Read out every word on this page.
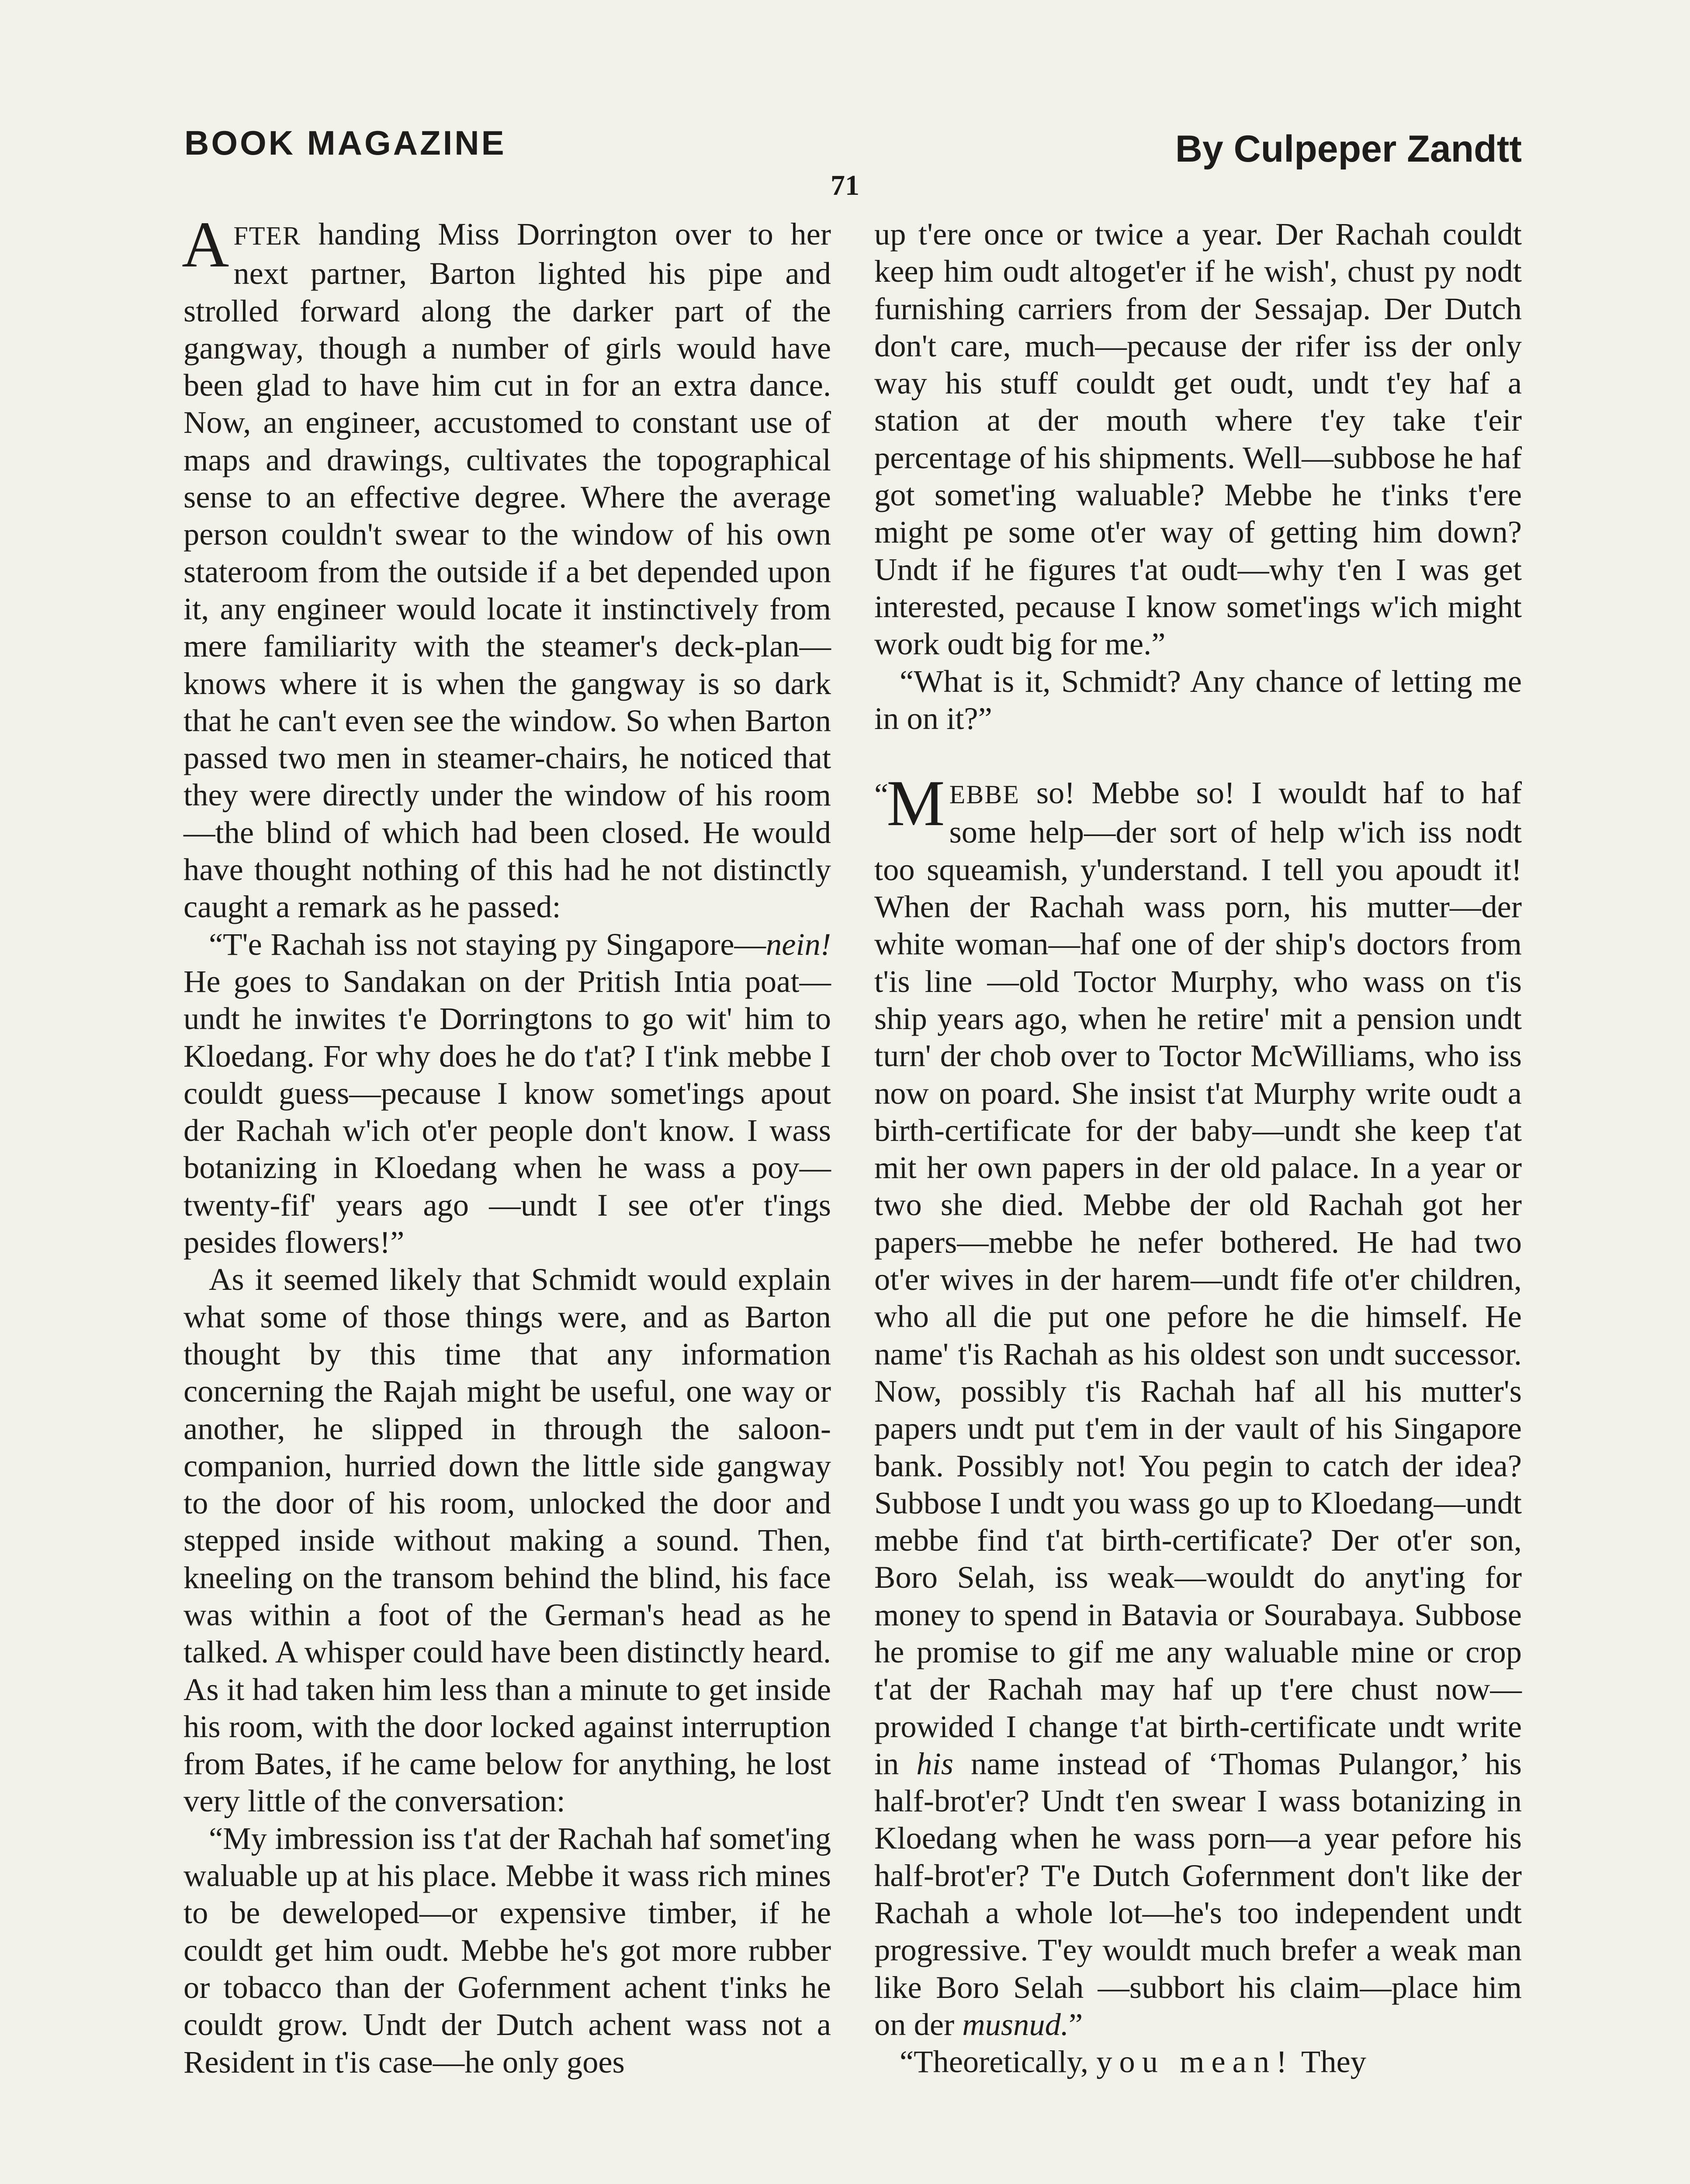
BOOK MAGAZINE	By Culpeper Zandtt
71

AFTER handing Miss Dorrington over to her next partner, Barton lighted his pipe and strolled forward along the darker part of the gangway, though a number of girls would have been glad to have him cut in for an extra dance. Now, an engineer, accustomed to constant use of maps and drawings, cultivates the topographical sense to an effective degree. Where the average person couldn't swear to the window of his own stateroom from the outside if a bet depended upon it, any engineer would locate it instinctively from mere familiarity with the steamer's deck-plan—knows where it is when the gangway is so dark that he can't even see the window. So when Barton passed two men in steamer-chairs, he noticed that they were directly under the window of his room —the blind of which had been closed. He would have thought nothing of this had he not distinctly caught a remark as he passed:

“T'e Rachah iss not staying py Singapore—nein! He goes to Sandakan on der Pritish Intia poat—undt he inwites t'e Dorringtons to go wit' him to Kloedang. For why does he do t'at? I t'ink mebbe I couldt guess—pecause I know somet'ings apout der Rachah w'ich ot'er people don't know. I wass botanizing in Kloedang when he wass a poy—twenty-fif' years ago —undt I see ot'er t'ings pesides flowers!”

As it seemed likely that Schmidt would explain what some of those things were, and as Barton thought by this time that any information concerning the Rajah might be useful, one way or another, he slipped in through the saloon-companion, hurried down the little side gangway to the door of his room, unlocked the door and stepped inside without making a sound. Then, kneeling on the transom behind the blind, his face was within a foot of the German's head as he talked. A whisper could have been distinctly heard. As it had taken him less than a minute to get inside his room, with the door locked against interruption from Bates, if he came below for anything, he lost very little of the conversation:

“My imbression iss t'at der Rachah haf somet'ing waluable up at his place. Mebbe it wass rich mines to be deweloped—or expensive timber, if he couldt get him oudt. Mebbe he's got more rubber or tobacco than der Gofernment achent t'inks he couldt grow. Undt der Dutch achent wass not a Resident in t'is case—he only goes

up t'ere once or twice a year. Der Rachah couldt keep him oudt altoget'er if he wish', chust py nodt furnishing carriers from der Sessajap. Der Dutch don't care, much—pecause der rifer iss der only way his stuff couldt get oudt, undt t'ey haf a station at der mouth where t'ey take t'eir percentage of his shipments. Well—subbose he haf got somet'ing waluable? Mebbe he t'inks t'ere might pe some ot'er way of getting him down? Undt if he figures t'at oudt—why t'en I was get interested, pecause I know somet'ings w'ich might work oudt big for me.”

“What is it, Schmidt? Any chance of letting me in on it?”

“
M EBBE so! Mebbe so! I wouldt haf to haf some help—der sort of help w'ich iss nodt too squeamish, y'understand. I tell you apoudt it! When der Rachah wass porn, his mutter—der white woman—haf one of der ship's doctors from t'is line —old Toctor Murphy, who wass on t'is ship years ago, when he retire' mit a pension undt turn' der chob over to Toctor McWilliams, who iss now on poard. She insist t'at Murphy write oudt a birth-certificate for der baby—undt she keep t'at mit her own papers in der old palace. In a year or two she died. Mebbe der old Rachah got her papers—mebbe he nefer bothered. He had two ot'er wives in der harem—undt fife ot'er children, who all die put one pefore he die himself. He name' t'is Rachah as his oldest son undt successor. Now, possibly t'is Rachah haf all his mutter's papers undt put t'em in der vault of his Singapore bank. Possibly not! You pegin to catch der idea? Subbose I undt you wass go up to Kloedang—undt mebbe find t'at birth-certificate? Der ot'er son, Boro Selah, iss weak—wouldt do anyt'ing for money to spend in Batavia or Sourabaya. Subbose he promise to gif me any waluable mine or crop t'at der Rachah may haf up t'ere chust now—prowided I change t'at birth-certificate undt write in his name instead of ‘Thomas Pulangor,’ his half-brot'er? Undt t'en swear I wass botanizing in Kloedang when he wass porn—a year pefore his half-brot'er? T'e Dutch Gofernment don't like der Rachah a whole lot—he's too independent undt progressive. T'ey wouldt much brefer a weak man like Boro Selah —subbort his claim—place him on der musnud.”

“Theoretically, you mean! They
